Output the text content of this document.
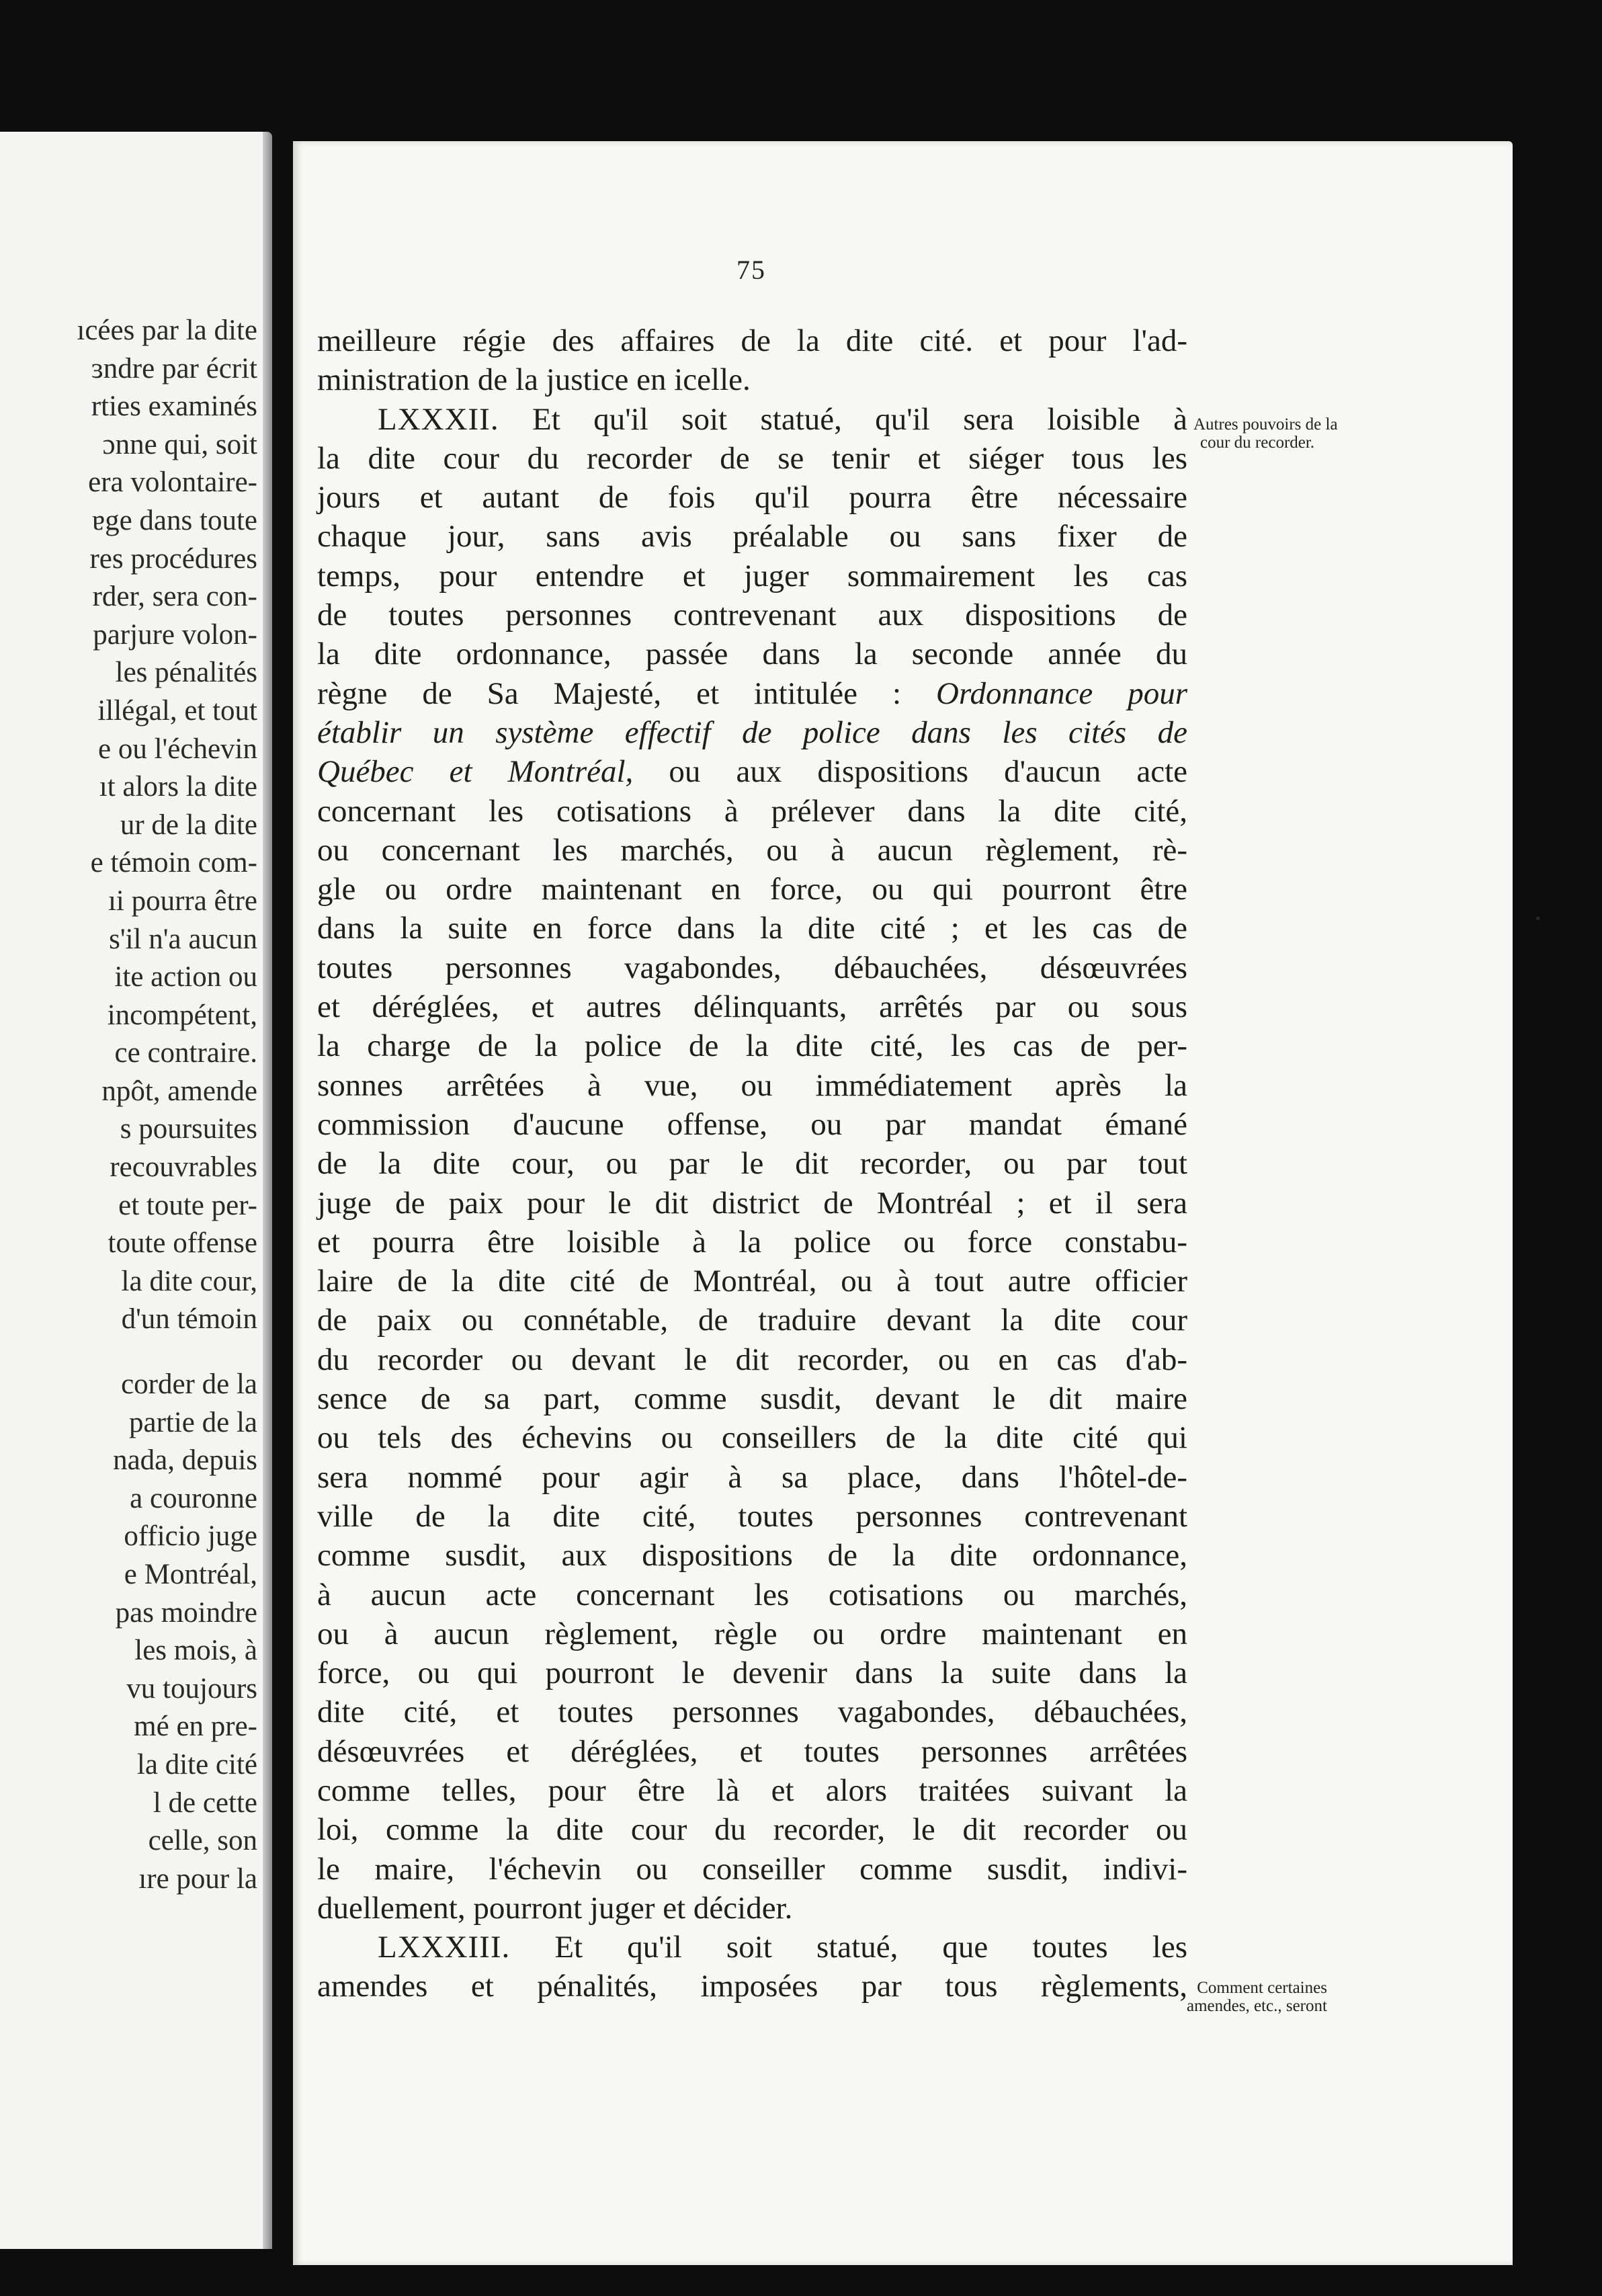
ıcées par la dite
ɜndre par écrit
rties examinés
ɔnne qui, soit
era volontaire-
ɐge dans toute
res procédures
rder, sera con-
parjure volon-
les pénalités
illégal, et tout
e ou l'échevin
ıt alors la dite
ur de la dite
e témoin com-
ıi pourra être
s'il n'a aucun
ite action ou
incompétent,
ce contraire.
npôt, amende
s poursuites
recouvrables
et toute per-
toute offense
la dite cour,
d'un témoin
corder de la
partie de la
nada, depuis
a couronne
officio juge
e Montréal,
pas moindre
les mois, à
vu toujours
mé en pre-
la dite cité
l de cette
celle, son
ıre pour la
75
meilleure régie des affaires de la dite cité. et pour l'ad-
ministration de la justice en icelle.
LXXXII. Et qu'il soit statué, qu'il sera loisible à
la dite cour du recorder de se tenir et siéger tous les
jours et autant de fois qu'il pourra être nécessaire
chaque jour, sans avis préalable ou sans fixer de
temps, pour entendre et juger sommairement les cas
de toutes personnes contrevenant aux dispositions de
la dite ordonnance, passée dans la seconde année du
règne de Sa Majesté, et intitulée : Ordonnance pour
établir un système effectif de police dans les cités de
Québec et Montréal, ou aux dispositions d'aucun acte
concernant les cotisations à prélever dans la dite cité,
ou concernant les marchés, ou à aucun règlement, rè-
gle ou ordre maintenant en force, ou qui pourront être
dans la suite en force dans la dite cité ; et les cas de
toutes personnes vagabondes, débauchées, désœuvrées
et déréglées, et autres délinquants, arrêtés par ou sous
la charge de la police de la dite cité, les cas de per-
sonnes arrêtées à vue, ou immédiatement après la
commission d'aucune offense, ou par mandat émané
de la dite cour, ou par le dit recorder, ou par tout
juge de paix pour le dit district de Montréal ; et il sera
et pourra être loisible à la police ou force constabu-
laire de la dite cité de Montréal, ou à tout autre officier
de paix ou connétable, de traduire devant la dite cour
du recorder ou devant le dit recorder, ou en cas d'ab-
sence de sa part, comme susdit, devant le dit maire
ou tels des échevins ou conseillers de la dite cité qui
sera nommé pour agir à sa place, dans l'hôtel-de-
ville de la dite cité, toutes personnes contrevenant
comme susdit, aux dispositions de la dite ordonnance,
à aucun acte concernant les cotisations ou marchés,
ou à aucun règlement, règle ou ordre maintenant en
force, ou qui pourront le devenir dans la suite dans la
dite cité, et toutes personnes vagabondes, débauchées,
désœuvrées et déréglées, et toutes personnes arrêtées
comme telles, pour être là et alors traitées suivant la
loi, comme la dite cour du recorder, le dit recorder ou
le maire, l'échevin ou conseiller comme susdit, indivi-
duellement, pourront juger et décider.
LXXXIII. Et qu'il soit statué, que toutes les
amendes et pénalités, imposées par tous règlements,
Autres pouvoirs de la
cour du recorder.
Comment certaines
amendes, etc., seront
